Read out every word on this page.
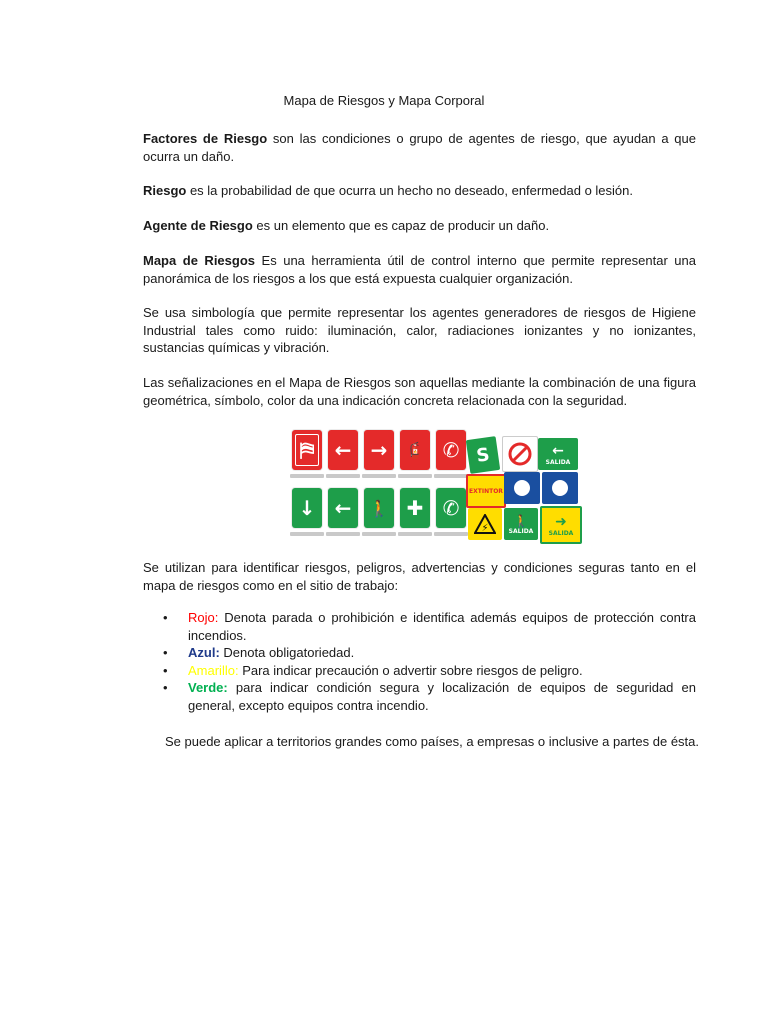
Mapa de Riesgos y Mapa Corporal

Factores de Riesgo son las condiciones o grupo de agentes de riesgo, que ayudan a que ocurra un daño.

Riesgo es la probabilidad de que ocurra un hecho no deseado, enfermedad o lesión.

Agente de Riesgo es un elemento que es capaz de producir un daño.

Mapa de Riesgos Es una herramienta útil de control interno que permite representar una panorámica de los riesgos a los que está expuesta cualquier organización.

Se usa simbología que permite representar los agentes generadores de riesgos de Higiene Industrial tales como ruido: iluminación, calor, radiaciones ionizantes y no ionizantes, sustancias químicas y vibración.

Las señalizaciones en el Mapa de Riesgos son aquellas mediante la combinación de una figura geométrica, símbolo, color da una indicación concreta relacionada con la seguridad.

⛿ ← → 🧯 ✆
↓ ← 🚶 ✚ ✆
S	←
SALIDA
EXTINTOR
⚡
🚶
SALIDA
➜
SALIDA

Se utilizan para identificar riesgos, peligros, advertencias y condiciones seguras tanto en el mapa de riesgos como en el sitio de trabajo:

• Rojo: Denota parada o prohibición e identifica además equipos de protección contra incendios.
• Azul: Denota obligatoriedad.
• Amarillo: Para indicar precaución o advertir sobre riesgos de peligro.
• Verde: para indicar condición segura y localización de equipos de seguridad en general, excepto equipos contra incendio.
Se puede aplicar a territorios grandes como países, a empresas o inclusive a partes de ésta.
